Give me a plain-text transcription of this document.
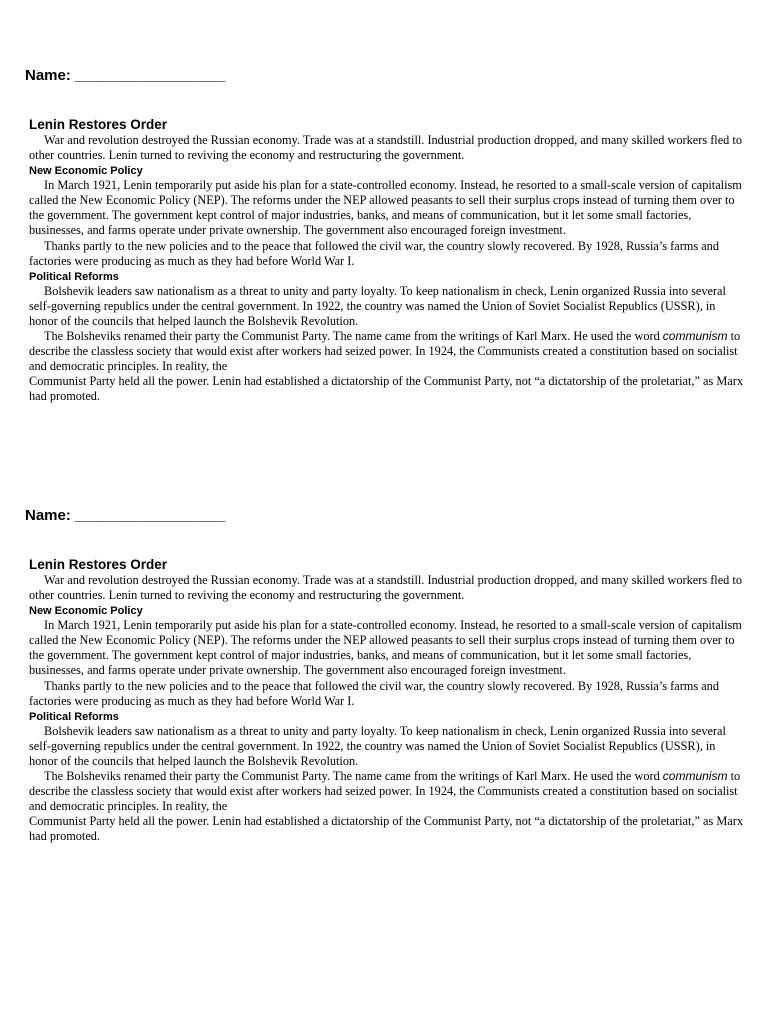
Name: __________________
Lenin Restores Order

War and revolution destroyed the Russian economy. Trade was at a standstill. Industrial production dropped, and many skilled workers fled to other countries. Lenin turned to reviving the economy and restructuring the government.

New Economic Policy

In March 1921, Lenin temporarily put aside his plan for a state-controlled economy. Instead, he resorted to a small-scale version of capitalism called the New Economic Policy (NEP). The reforms under the NEP allowed peasants to sell their surplus crops instead of turning them over to the government. The government kept control of major industries, banks, and means of communication, but it let some small factories, businesses, and farms operate under private ownership. The government also encouraged foreign investment.

Thanks partly to the new policies and to the peace that followed the civil war, the country slowly recovered. By 1928, Russia’s farms and factories were producing as much as they had before World War I.

Political Reforms

Bolshevik leaders saw nationalism as a threat to unity and party loyalty. To keep nationalism in check, Lenin organized Russia into several self-governing republics under the central government. In 1922, the country was named the Union of Soviet Socialist Republics (USSR), in honor of the councils that helped launch the Bolshevik Revolution.

The Bolsheviks renamed their party the Communist Party. The name came from the writings of Karl Marx. He used the word communism to describe the classless society that would exist after workers had seized power. In 1924, the Communists created a constitution based on socialist and democratic principles. In reality, the

Communist Party held all the power. Lenin had established a dictatorship of the Communist Party, not “a dictatorship of the proletariat,” as Marx had promoted.

Name: __________________
Lenin Restores Order

War and revolution destroyed the Russian economy. Trade was at a standstill. Industrial production dropped, and many skilled workers fled to other countries. Lenin turned to reviving the economy and restructuring the government.

New Economic Policy

In March 1921, Lenin temporarily put aside his plan for a state-controlled economy. Instead, he resorted to a small-scale version of capitalism called the New Economic Policy (NEP). The reforms under the NEP allowed peasants to sell their surplus crops instead of turning them over to the government. The government kept control of major industries, banks, and means of communication, but it let some small factories, businesses, and farms operate under private ownership. The government also encouraged foreign investment.

Thanks partly to the new policies and to the peace that followed the civil war, the country slowly recovered. By 1928, Russia’s farms and factories were producing as much as they had before World War I.

Political Reforms

Bolshevik leaders saw nationalism as a threat to unity and party loyalty. To keep nationalism in check, Lenin organized Russia into several self-governing republics under the central government. In 1922, the country was named the Union of Soviet Socialist Republics (USSR), in honor of the councils that helped launch the Bolshevik Revolution.

The Bolsheviks renamed their party the Communist Party. The name came from the writings of Karl Marx. He used the word communism to describe the classless society that would exist after workers had seized power. In 1924, the Communists created a constitution based on socialist and democratic principles. In reality, the

Communist Party held all the power. Lenin had established a dictatorship of the Communist Party, not “a dictatorship of the proletariat,” as Marx had promoted.
